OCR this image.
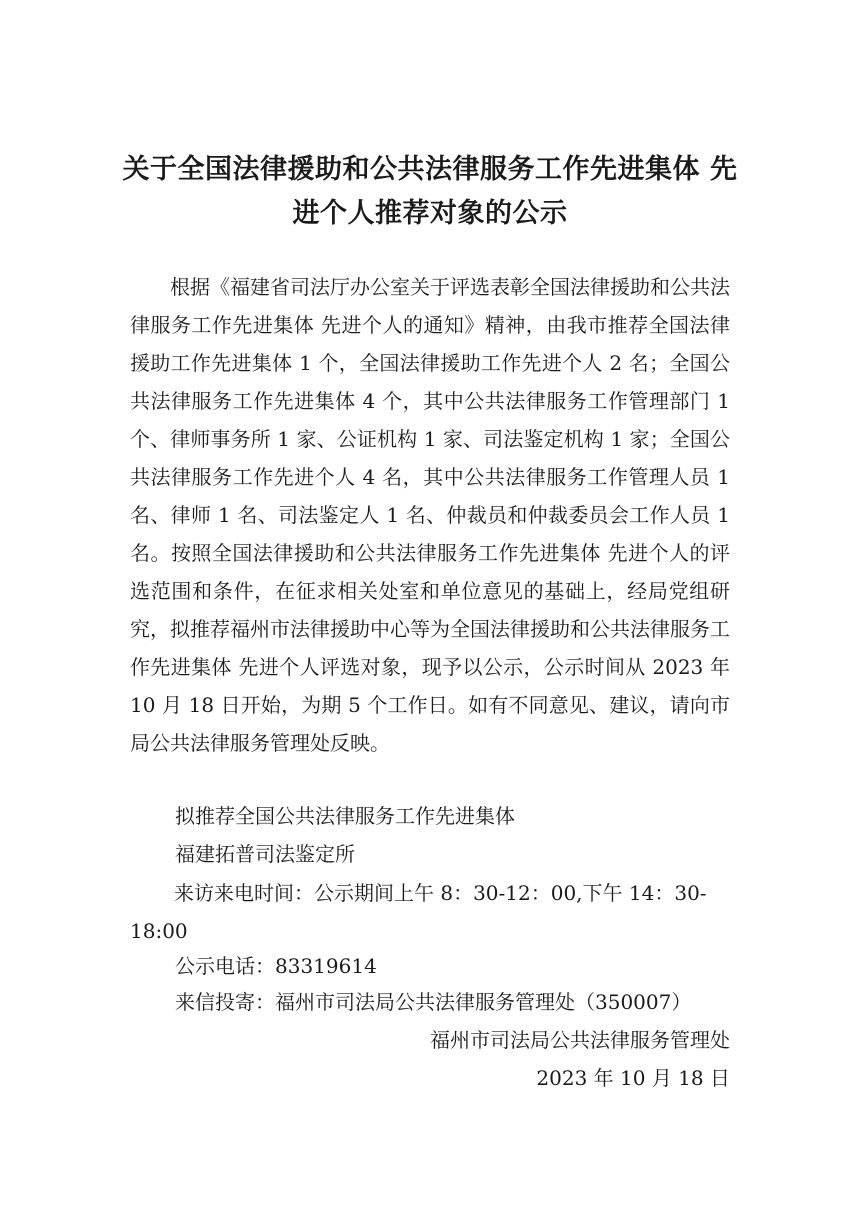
关于全国法律援助和公共法律服务工作先进集体 先进个人推荐对象的公示

根据《福建省司法厅办公室关于评选表彰全国法律援助和公共法律服务工作先进集体 先进个人的通知》精神，由我市推荐全国法律援助工作先进集体 1 个，全国法律援助工作先进个人 2 名；全国公共法律服务工作先进集体 4 个，其中公共法律服务工作管理部门 1 个、律师事务所 1 家、公证机构 1 家、司法鉴定机构 1 家；全国公共法律服务工作先进个人 4 名，其中公共法律服务工作管理人员 1 名、律师 1 名、司法鉴定人 1 名、仲裁员和仲裁委员会工作人员 1 名。按照全国法律援助和公共法律服务工作先进集体 先进个人的评选范围和条件，在征求相关处室和单位意见的基础上，经局党组研究，拟推荐福州市法律援助中心等为全国法律援助和公共法律服务工作先进集体 先进个人评选对象，现予以公示，公示时间从 2023 年 10 月 18 日开始，为期 5 个工作日。如有不同意见、建议，请向市局公共法律服务管理处反映。

拟推荐全国公共法律服务工作先进集体

福建拓普司法鉴定所

来访来电时间：公示期间上午 8：30-12：00,下午 14：30-18:00

公示电话：83319614

来信投寄：福州市司法局公共法律服务管理处（350007）

福州市司法局公共法律服务管理处

2023 年 10 月 18 日
